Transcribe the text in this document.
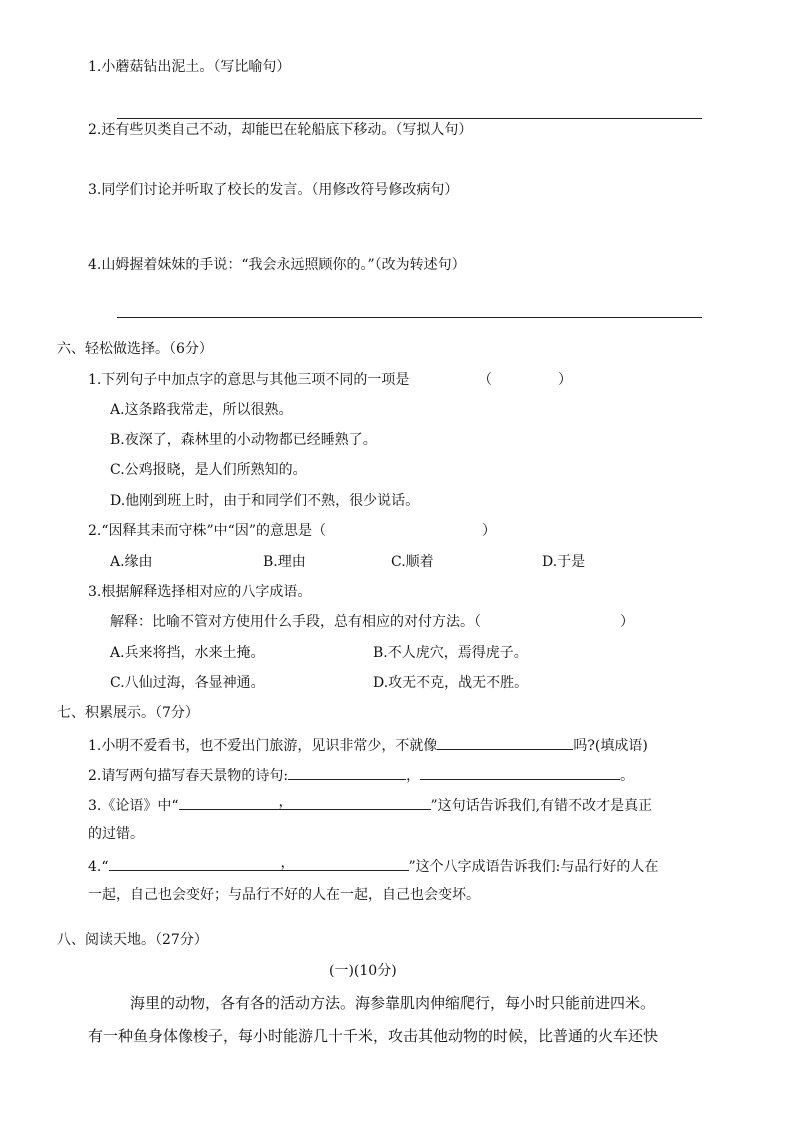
1.小蘑菇钻出泥土。（写比喻句）
2.还有些贝类自己不动，却能巴在轮船底下移动。（写拟人句）
3.同学们讨论并听取了校长的发言。（用修改符号修改病句）
4.山姆握着妹妹的手说：“我会永远照顾你的。”（改为转述句）
六、轻松做选择。（6分）
1.下列句子中加点字的意思与其他三项不同的一项是	（	）
A.这条路我常走，所以很熟。
B.夜深了，森林里的小动物都已经睡熟了。
C.公鸡报晓，是人们所熟知的。
D.他刚到班上时，由于和同学们不熟，很少说话。
2.“因释其耒而守株”中“因”的意思是（	）
A.缘由	B.理由	C.顺着	D.于是
3.根据解释选择相对应的八字成语。
解释：比喻不管对方使用什么手段，总有相应的对付方法。（	）
A.兵来将挡，水来土掩。	B.不人虎穴，焉得虎子。
C.八仙过海，各显神通。	D.攻无不克，战无不胜。
七、积累展示。（7分）
1.小明不爱看书，也不爱出门旅游，见识非常少，不就像	吗?(填成语)
2.请写两句描写春天景物的诗句:	，	。
3.《论语》中“	，	”这句话告诉我们,有错不改才是真正
的过错。
4.“	，	”这个八字成语告诉我们:与品行好的人在
一起，自己也会变好；与品行不好的人在一起，自己也会变坏。
八、阅读天地。（27分）
(一)(10分)
海里的动物，各有各的活动方法。海参靠肌肉伸缩爬行，每小时只能前进四米。
有一种鱼身体像梭子，每小时能游几十千米，攻击其他动物的时候，比普通的火车还快
